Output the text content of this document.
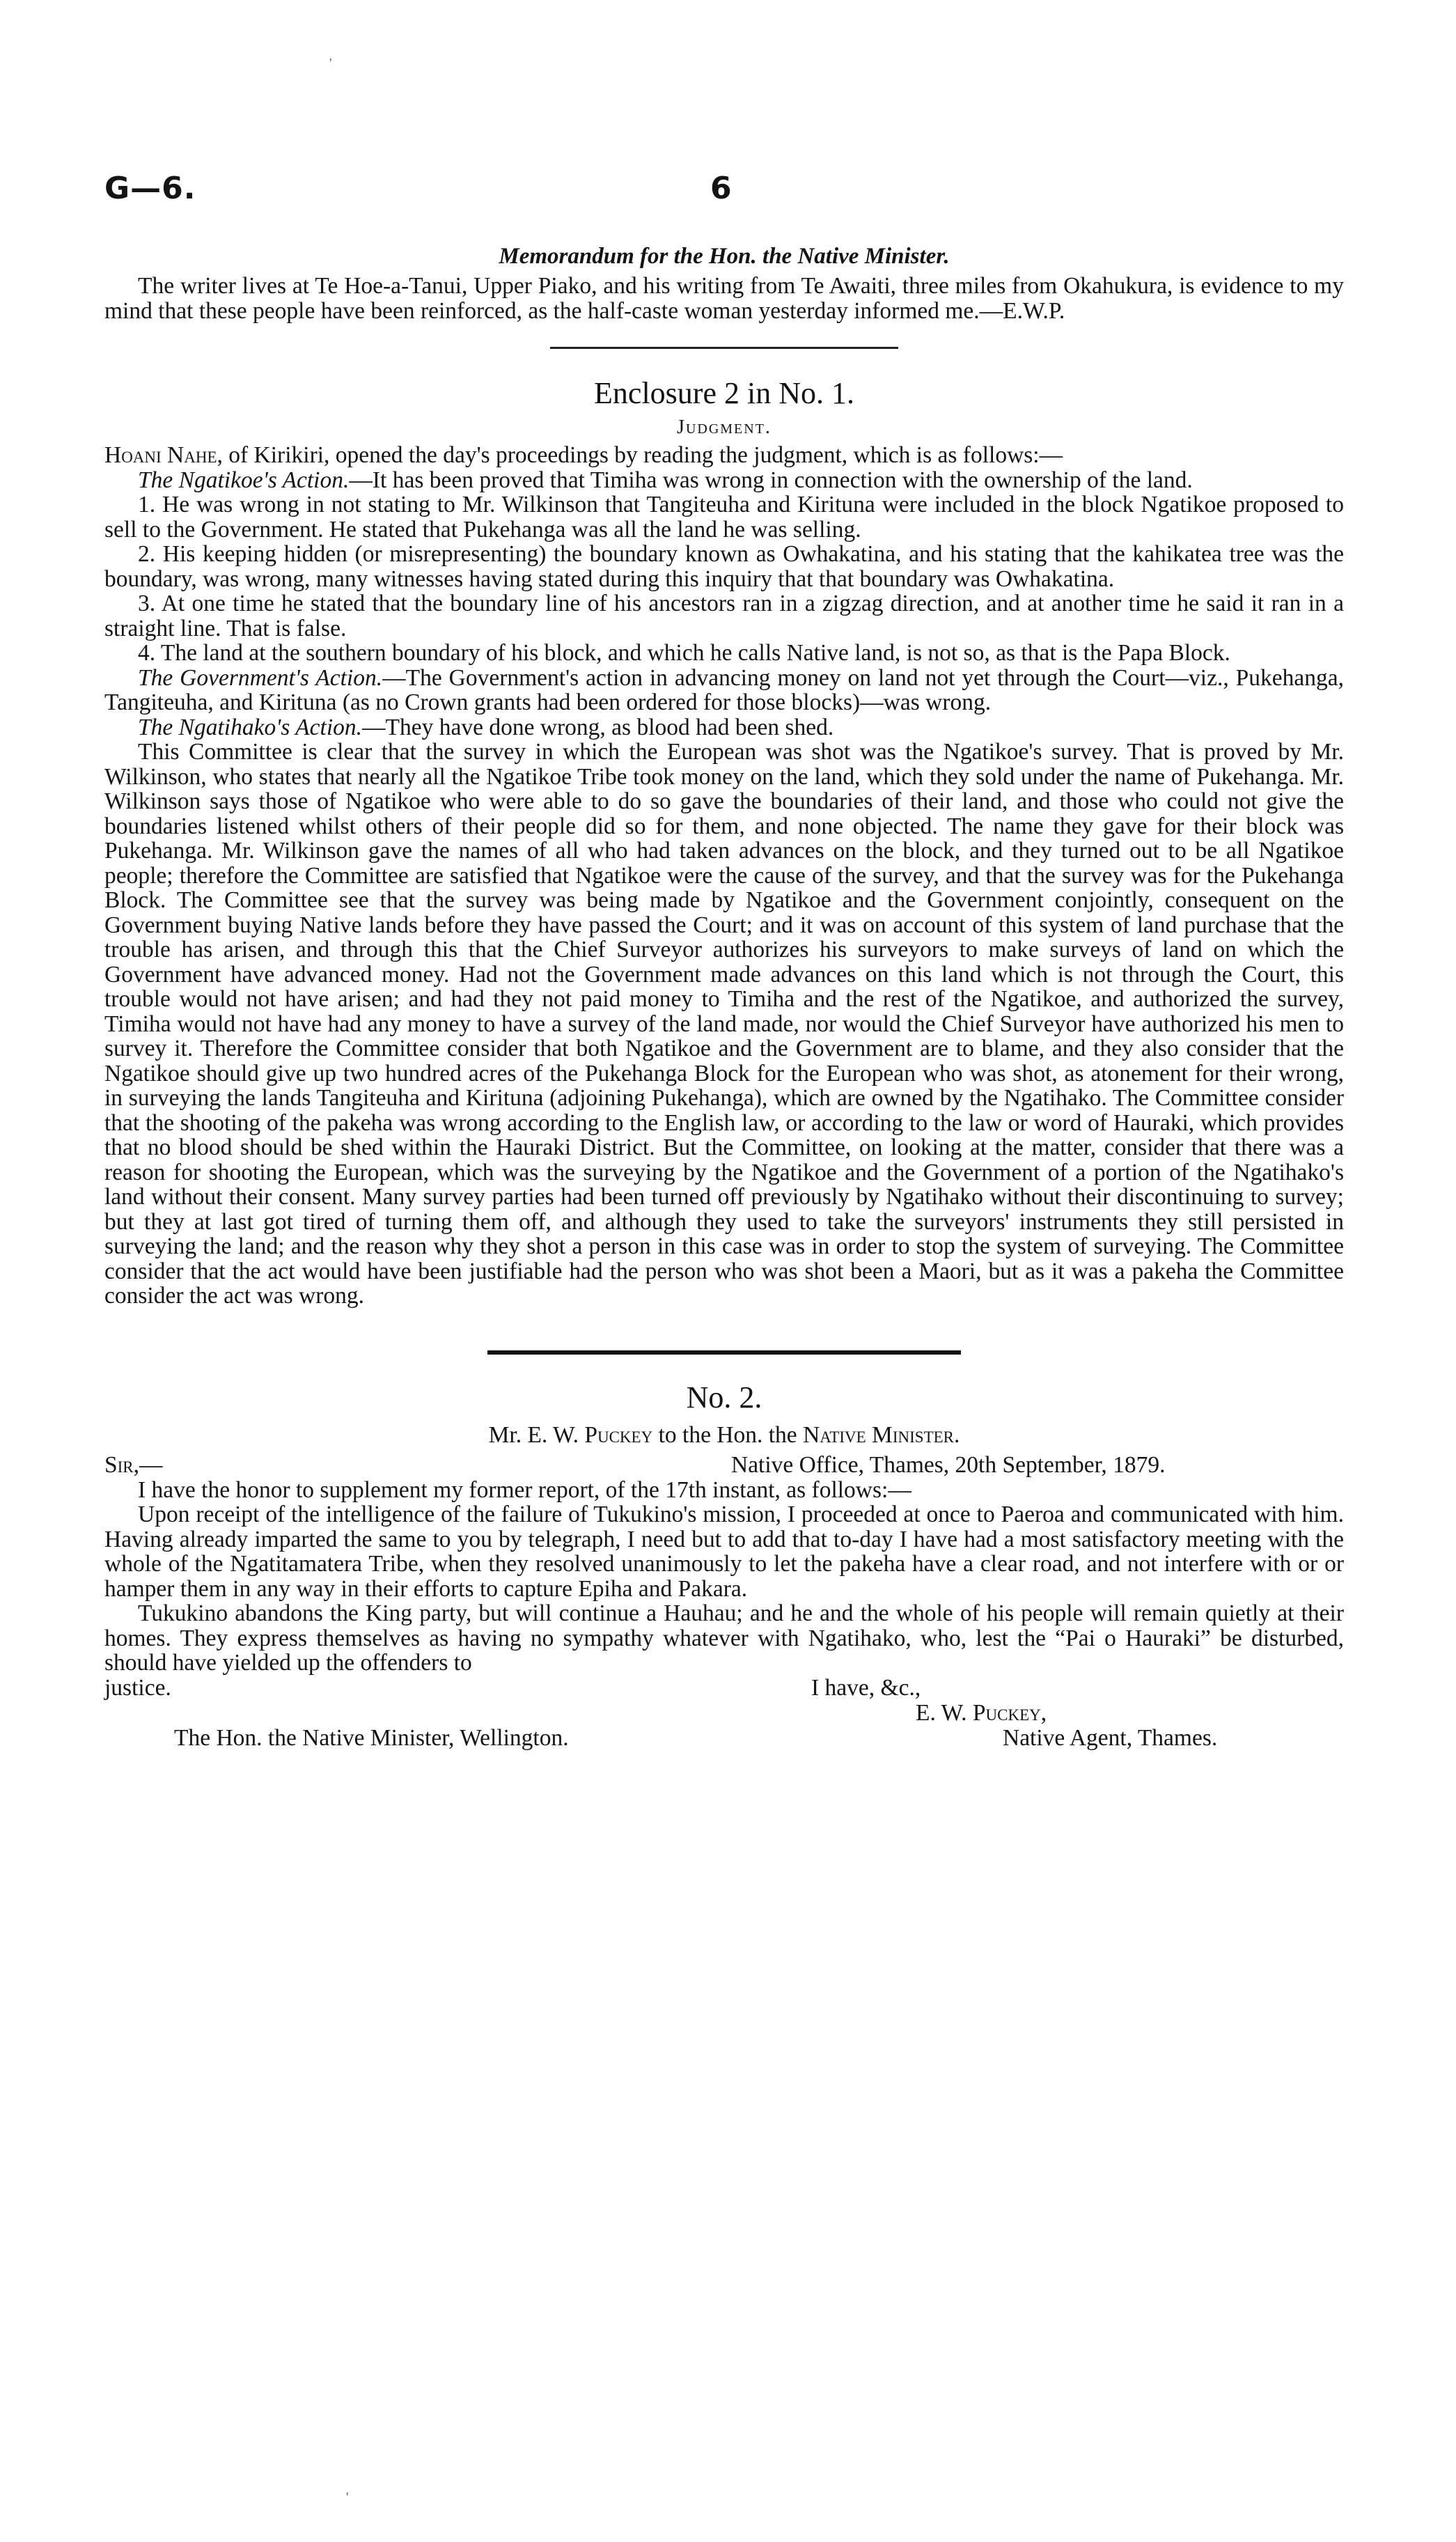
'
'
G—6.	6
Memorandum for the Hon. the Native Minister.

The writer lives at Te Hoe-a-Tanui, Upper Piako, and his writing from Te Awaiti, three miles from Okahukura, is evidence to my mind that these people have been reinforced, as the half-caste woman yesterday informed me.—E.W.P.

Enclosure 2 in No. 1.
Judgment.

Hoani Nahe, of Kirikiri, opened the day's proceedings by reading the judgment, which is as follows:—

The Ngatikoe's Action.—It has been proved that Timiha was wrong in connection with the ownership of the land.

1. He was wrong in not stating to Mr. Wilkinson that Tangiteuha and Kirituna were included in the block Ngatikoe proposed to sell to the Government. He stated that Pukehanga was all the land he was selling.

2. His keeping hidden (or misrepresenting) the boundary known as Owhakatina, and his stating that the kahikatea tree was the boundary, was wrong, many witnesses having stated during this inquiry that that boundary was Owhakatina.

3. At one time he stated that the boundary line of his ancestors ran in a zigzag direction, and at another time he said it ran in a straight line. That is false.

4. The land at the southern boundary of his block, and which he calls Native land, is not so, as that is the Papa Block.

The Government's Action.—The Government's action in advancing money on land not yet through the Court—viz., Pukehanga, Tangiteuha, and Kirituna (as no Crown grants had been ordered for those blocks)—was wrong.

The Ngatihako's Action.—They have done wrong, as blood had been shed.

This Committee is clear that the survey in which the European was shot was the Ngatikoe's survey. That is proved by Mr. Wilkinson, who states that nearly all the Ngatikoe Tribe took money on the land, which they sold under the name of Pukehanga. Mr. Wilkinson says those of Ngatikoe who were able to do so gave the boundaries of their land, and those who could not give the boundaries listened whilst others of their people did so for them, and none objected. The name they gave for their block was Pukehanga. Mr. Wilkinson gave the names of all who had taken advances on the block, and they turned out to be all Ngatikoe people; therefore the Committee are satisfied that Ngatikoe were the cause of the survey, and that the survey was for the Pukehanga Block. The Committee see that the survey was being made by Ngatikoe and the Government conjointly, consequent on the Government buying Native lands before they have passed the Court; and it was on account of this system of land purchase that the trouble has arisen, and through this that the Chief Surveyor authorizes his surveyors to make surveys of land on which the Government have advanced money. Had not the Government made advances on this land which is not through the Court, this trouble would not have arisen; and had they not paid money to Timiha and the rest of the Ngatikoe, and authorized the survey, Timiha would not have had any money to have a survey of the land made, nor would the Chief Surveyor have authorized his men to survey it. Therefore the Committee consider that both Ngatikoe and the Government are to blame, and they also consider that the Ngatikoe should give up two hundred acres of the Pukehanga Block for the European who was shot, as atonement for their wrong, in surveying the lands Tangiteuha and Kirituna (adjoining Pukehanga), which are owned by the Ngatihako. The Committee consider that the shooting of the pakeha was wrong according to the English law, or according to the law or word of Hauraki, which provides that no blood should be shed within the Hauraki District. But the Committee, on looking at the matter, consider that there was a reason for shooting the European, which was the surveying by the Ngatikoe and the Government of a portion of the Ngatihako's land without their consent. Many survey parties had been turned off previously by Ngatihako without their discontinuing to survey; but they at last got tired of turning them off, and although they used to take the surveyors' instruments they still persisted in surveying the land; and the reason why they shot a person in this case was in order to stop the system of surveying. The Committee consider that the act would have been justifiable had the person who was shot been a Maori, but as it was a pakeha the Committee consider the act was wrong.

No. 2.
Mr. E. W. Puckey to the Hon. the Native Minister.
Sir,—	Native Office, Thames, 20th September, 1879.

I have the honor to supplement my former report, of the 17th instant, as follows:—

Upon receipt of the intelligence of the failure of Tukukino's mission, I proceeded at once to Paeroa and communicated with him. Having already imparted the same to you by telegraph, I need but to add that to-day I have had a most satisfactory meeting with the whole of the Ngatitamatera Tribe, when they resolved unanimously to let the pakeha have a clear road, and not interfere with or or hamper them in any way in their efforts to capture Epiha and Pakara.

Tukukino abandons the King party, but will continue a Hauhau; and he and the whole of his people will remain quietly at their homes. They express themselves as having no sympathy whatever with Ngatihako, who, lest the “Pai o Hauraki” be disturbed, should have yielded up the offenders to

justice.	I have, &c.,
E. W. Puckey,
The Hon. the Native Minister, Wellington.	Native Agent, Thames.
